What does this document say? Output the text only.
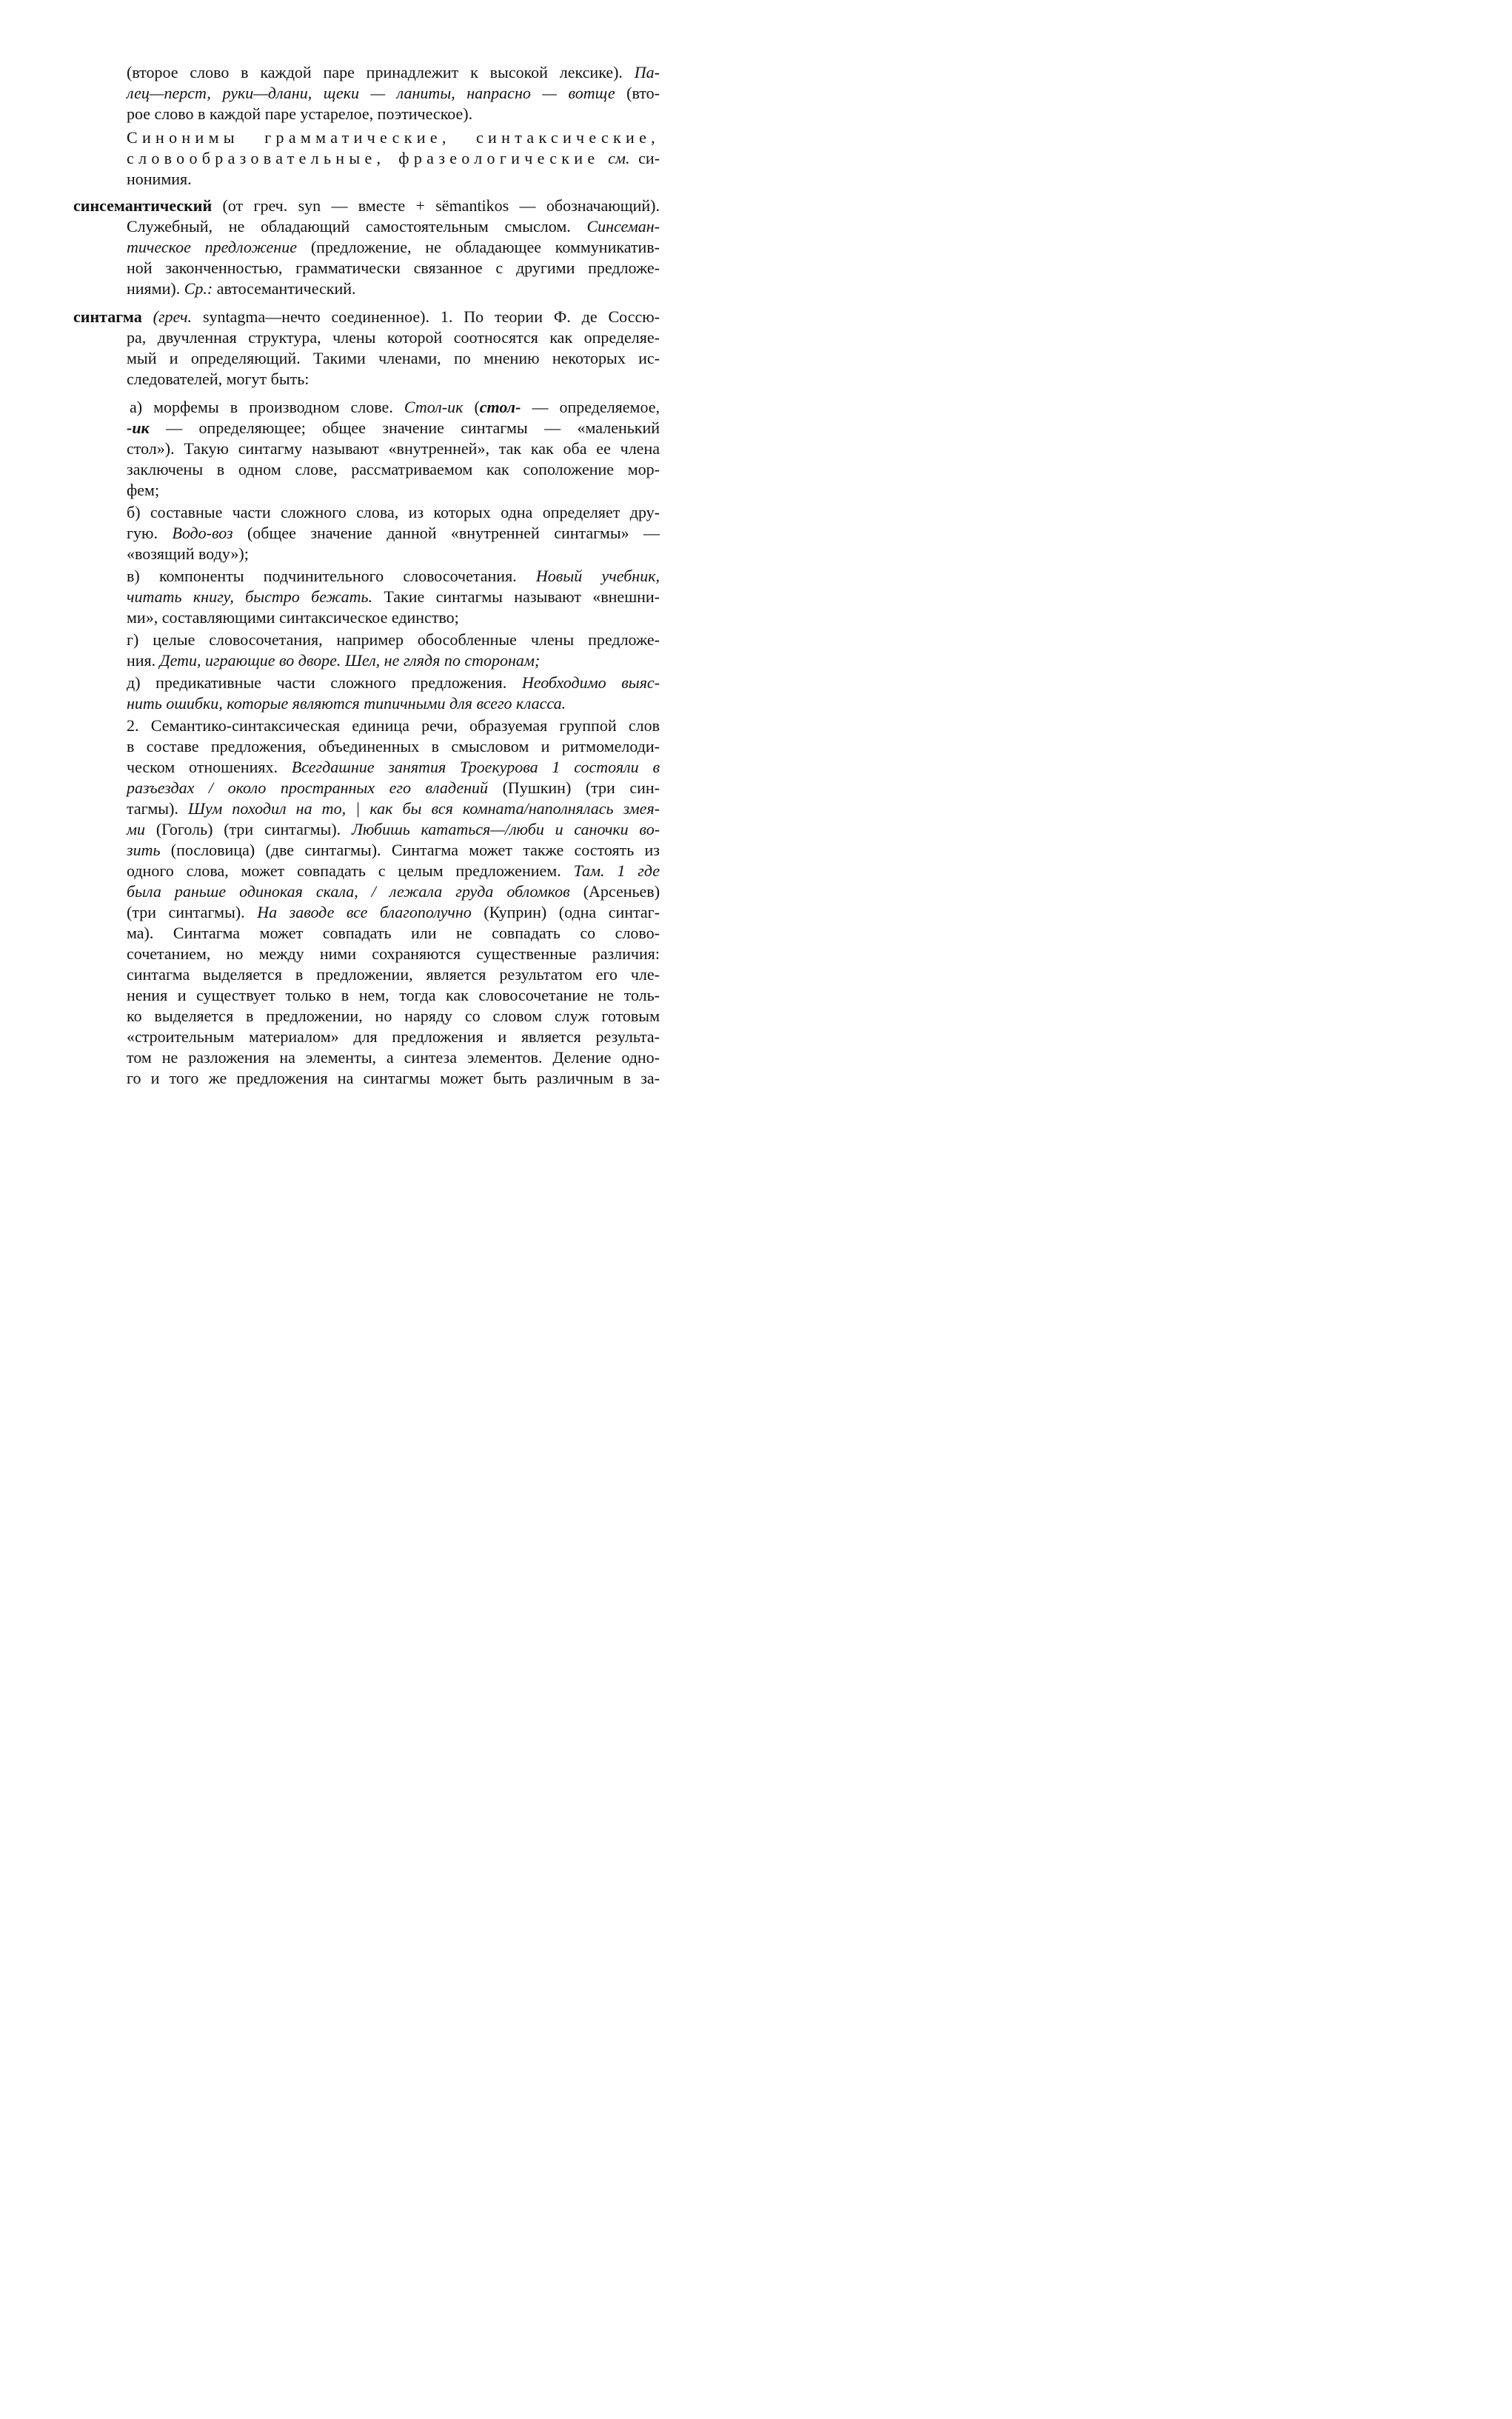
(второе слово в каждой паре принадлежит к высокой лексике). Па-
лец—перст, руки—длани, щеки — ланиты, напрасно — вотще (вто-
рое слово в каждой паре устарелое, поэтическое).
Синонимы грамматические, синтаксические,
словообразовательные, фразеологические см. си-
нонимия.
синсемантический (от греч. syn — вместе + sëmantikos — обозначающий).
Служебный, не обладающий самостоятельным смыслом. Синсеман-
тическое предложение (предложение, не обладающее коммуникатив-
ной законченностью, грамматически связанное с другими предложе-
ниями). Ср.: автосемантический.
синтагма (греч. syntagma—нечто соединенное). 1. По теории Ф. де Соссю-
ра, двучленная структура, члены которой соотносятся как определяе-
мый и определяющий. Такими членами, по мнению некоторых ис-
следователей, могут быть:
а) морфемы в производном слове. Стол-ик (стол- — определяемое,
-ик — определяющее; общее значение синтагмы — «маленький
стол»). Такую синтагму называют «внутренней», так как оба ее члена
заключены в одном слове, рассматриваемом как соположение мор-
фем;
б) составные части сложного слова, из которых одна определяет дру-
гую. Водо-воз (общее значение данной «внутренней синтагмы» —
«возящий воду»);
в) компоненты подчинительного словосочетания. Новый учебник,
читать книгу, быстро бежать. Такие синтагмы называют «внешни-
ми», составляющими синтаксическое единство;
г) целые словосочетания, например обособленные члены предложе-
ния. Дети, играющие во дворе. Шел, не глядя по сторонам;
д) предикативные части сложного предложения. Необходимо выяс-
нить ошибки, которые являются типичными для всего класса.
2. Семантико-синтаксическая единица речи, образуемая группой слов
в составе предложения, объединенных в смысловом и ритмомелоди-
ческом отношениях. Всегдашние занятия Троекурова 1 состояли в
разъездах / около пространных его владений (Пушкин) (три син-
тагмы). Шум походил на то, | как бы вся комната/наполнялась змея-
ми (Гоголь) (три синтагмы). Любишь кататься—/люби и саночки во-
зить (пословица) (две синтагмы). Синтагма может также состоять из
одного слова, может совпадать с целым предложением. Там. 1 где
была раньше одинокая скала, / лежала груда обломков (Арсеньев)
(три синтагмы). На заводе все благополучно (Куприн) (одна синтаг-
ма). Синтагма может совпадать или не совпадать со слово-
сочетанием, но между ними сохраняются существенные различия:
синтагма выделяется в предложении, является результатом его чле-
нения и существует только в нем, тогда как словосочетание не толь-
ко выделяется в предложении, но наряду со словом служ готовым
«строительным материалом» для предложения и является результа-
том не разложения на элементы, а синтеза элементов. Деление одно-
го и того же предложения на синтагмы может быть различным в за-
